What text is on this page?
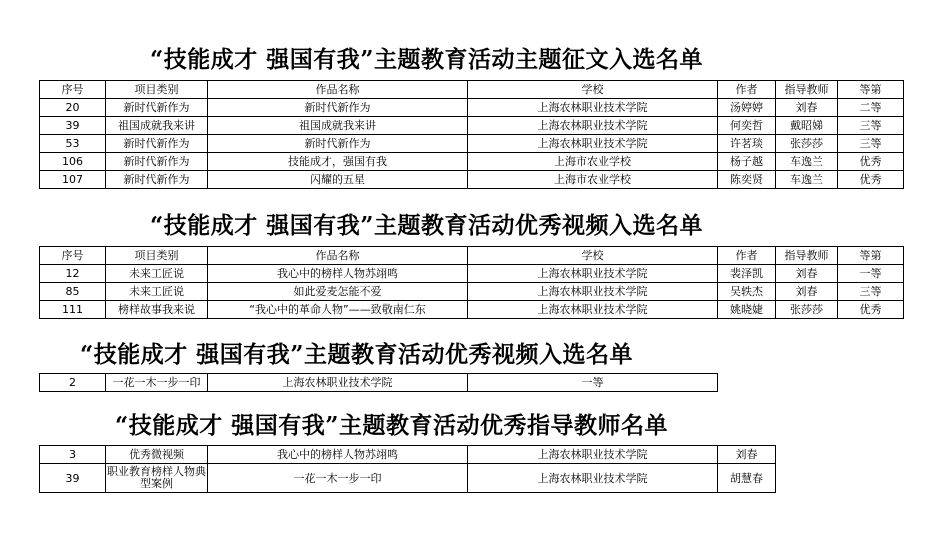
“技能成才 强国有我”主题教育活动主题征文入选名单
序号	项目类别	作品名称	学校	作者	指导教师	等第
20	新时代新作为	新时代新作为	上海农林职业技术学院	汤婷婷	刘春	二等
39	祖国成就我来讲	祖国成就我来讲	上海农林职业技术学院	何奕哲	戴昭娣	三等
53	新时代新作为	新时代新作为	上海农林职业技术学院	许茗琰	张莎莎	三等
106	新时代新作为	技能成才，强国有我	上海市农业学校	杨子越	车逸兰	优秀
107	新时代新作为	闪耀的五星	上海市农业学校	陈奕贤	车逸兰	优秀
“技能成才 强国有我”主题教育活动优秀视频入选名单
序号	项目类别	作品名称	学校	作者	指导教师	等第
12	未来工匠说	我心中的榜样人物苏翊鸣	上海农林职业技术学院	裴泽凯	刘春	一等
85	未来工匠说	如此爱麦怎能不爱	上海农林职业技术学院	吴轶杰	刘春	三等
111	榜样故事我来说	“我心中的革命人物”——致敬南仁东	上海农林职业技术学院	姚晓婕	张莎莎	优秀
“技能成才 强国有我”主题教育活动优秀视频入选名单
2	一花一木一步一印	上海农林职业技术学院	一等
“技能成才 强国有我”主题教育活动优秀指导教师名单
3	优秀微视频	我心中的榜样人物苏翊鸣	上海农林职业技术学院	刘春
39	职业教育榜样人物典型案例	一花一木一步一印	上海农林职业技术学院	胡慧春
